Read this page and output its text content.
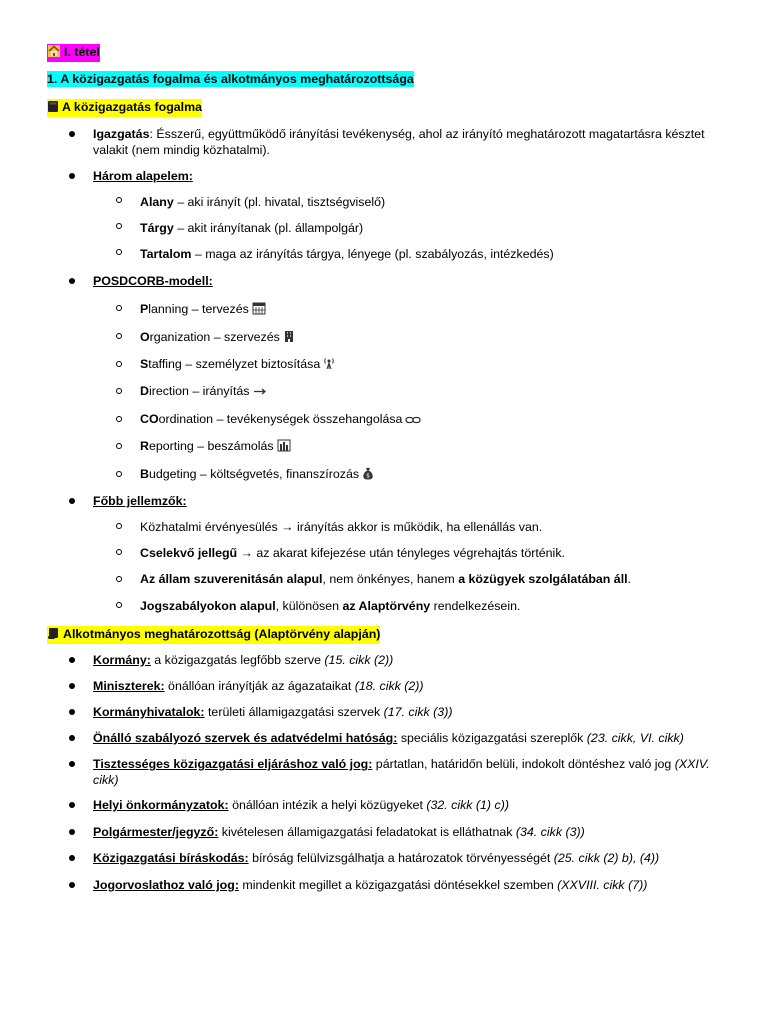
I. tétel
1. A közigazgatás fogalma és alkotmányos meghatározottsága
A közigazgatás fogalma
Igazgatás: Ésszerű, együttműködő irányítási tevékenység, ahol az irányító meghatározott magatartásra késztet valakit (nem mindig közhatalmi).
Három alapelem:
Alany – aki irányít (pl. hivatal, tisztségviselő)
Tárgy – akit irányítanak (pl. állampolgár)
Tartalom – maga az irányítás tárgya, lényege (pl. szabályozás, intézkedés)
POSDCORB-modell:
Planning – tervezés
Organization – szervezés
Staffing – személyzet biztosítása
Direction – irányítás
COordination – tevékenységek összehangolása
Reporting – beszámolás
Budgeting – költségvetés, finanszírozás $
Főbb jellemzők:
Közhatalmi érvényesülés → irányítás akkor is működik, ha ellenállás van.
Cselekvő jellegű → az akarat kifejezése után tényleges végrehajtás történik.
Az állam szuverenitásán alapul, nem önkényes, hanem a közügyek szolgálatában áll.
Jogszabályokon alapul, különösen az Alaptörvény rendelkezésein.
Alkotmányos meghatározottság (Alaptörvény alapján)
Kormány: a közigazgatás legfőbb szerve (15. cikk (2))
Miniszterek: önállóan irányítják az ágazataikat (18. cikk (2))
Kormányhivatalok: területi államigazgatási szervek (17. cikk (3))
Önálló szabályozó szervek és adatvédelmi hatóság: speciális közigazgatási szereplők (23. cikk, VI. cikk)
Tisztességes közigazgatási eljáráshoz való jog: pártatlan, határidőn belüli, indokolt döntéshez való jog (XXIV. cikk)
Helyi önkormányzatok: önállóan intézik a helyi közügyeket (32. cikk (1) c))
Polgármester/jegyző: kivételesen államigazgatási feladatokat is elláthatnak (34. cikk (3))
Közigazgatási bíráskodás: bíróság felülvizsgálhatja a határozatok törvényességét (25. cikk (2) b), (4))
Jogorvoslathoz való jog: mindenkit megillet a közigazgatási döntésekkel szemben (XXVIII. cikk (7))
